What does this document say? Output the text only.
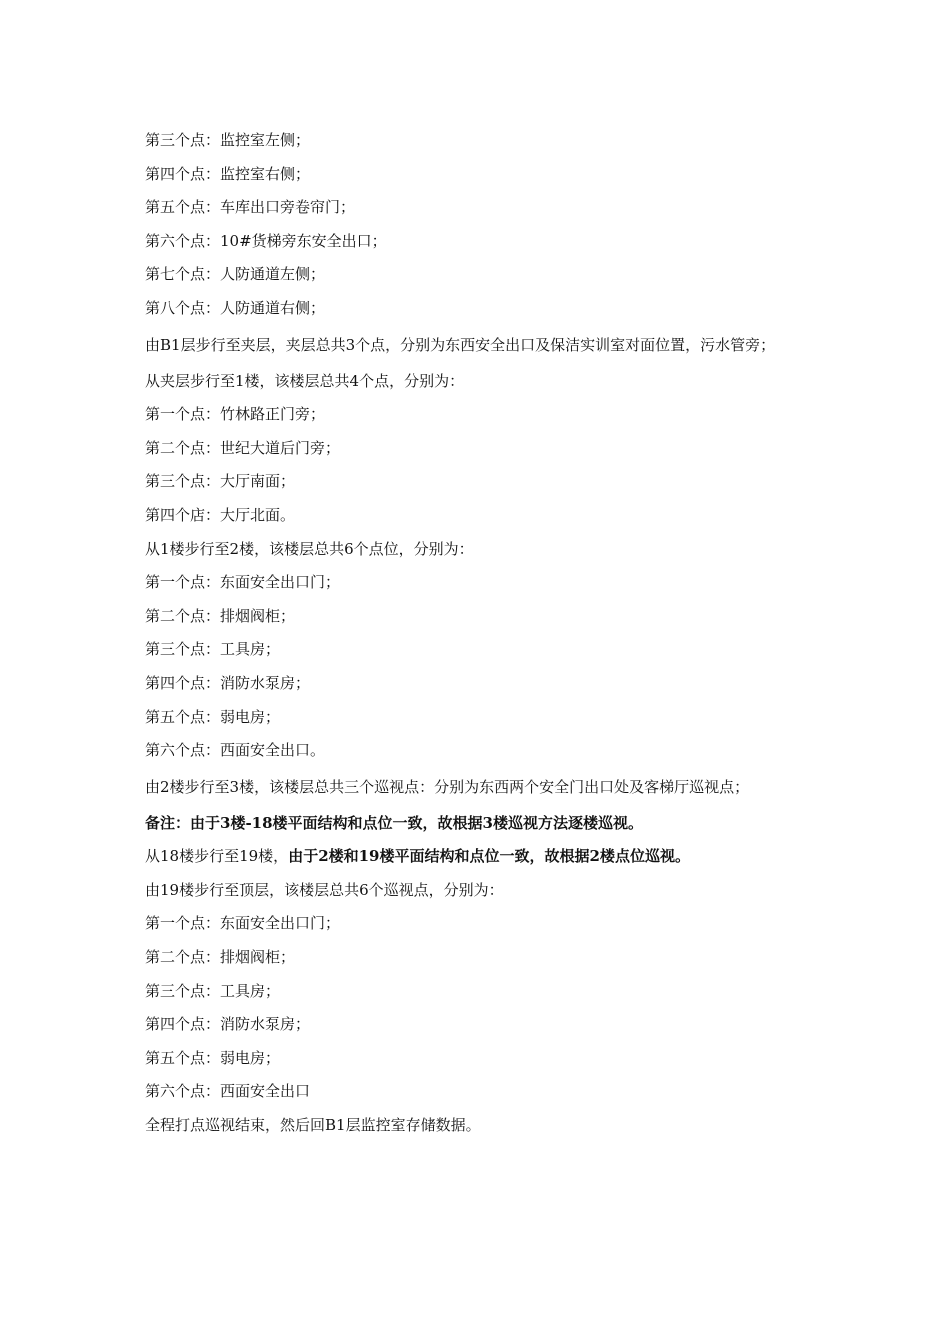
第三个点：监控室左侧；

第四个点：监控室右侧；

第五个点：车库出口旁卷帘门；

第六个点：10#货梯旁东安全出口；

第七个点：人防通道左侧；

第八个点：人防通道右侧；

由B1层步行至夹层，夹层总共3个点，分别为东西安全出口及保洁实训室对面位置，污水管旁；

从夹层步行至1楼，该楼层总共4个点，分别为：

第一个点：竹林路正门旁；

第二个点：世纪大道后门旁；

第三个点：大厅南面；

第四个店：大厅北面。

从1楼步行至2楼，该楼层总共6个点位，分别为：

第一个点：东面安全出口门；

第二个点：排烟阀柜；

第三个点：工具房；

第四个点：消防水泵房；

第五个点：弱电房；

第六个点：西面安全出口。

由2楼步行至3楼，该楼层总共三个巡视点：分别为东西两个安全门出口处及客梯厅巡视点；

备注：由于3楼-18楼平面结构和点位一致，故根据3楼巡视方法逐楼巡视。

从18楼步行至19楼，由于2楼和19楼平面结构和点位一致，故根据2楼点位巡视。

由19楼步行至顶层，该楼层总共6个巡视点，分别为：

第一个点：东面安全出口门；

第二个点：排烟阀柜；

第三个点：工具房；

第四个点：消防水泵房；

第五个点：弱电房；

第六个点：西面安全出口

全程打点巡视结束，然后回B1层监控室存储数据。
